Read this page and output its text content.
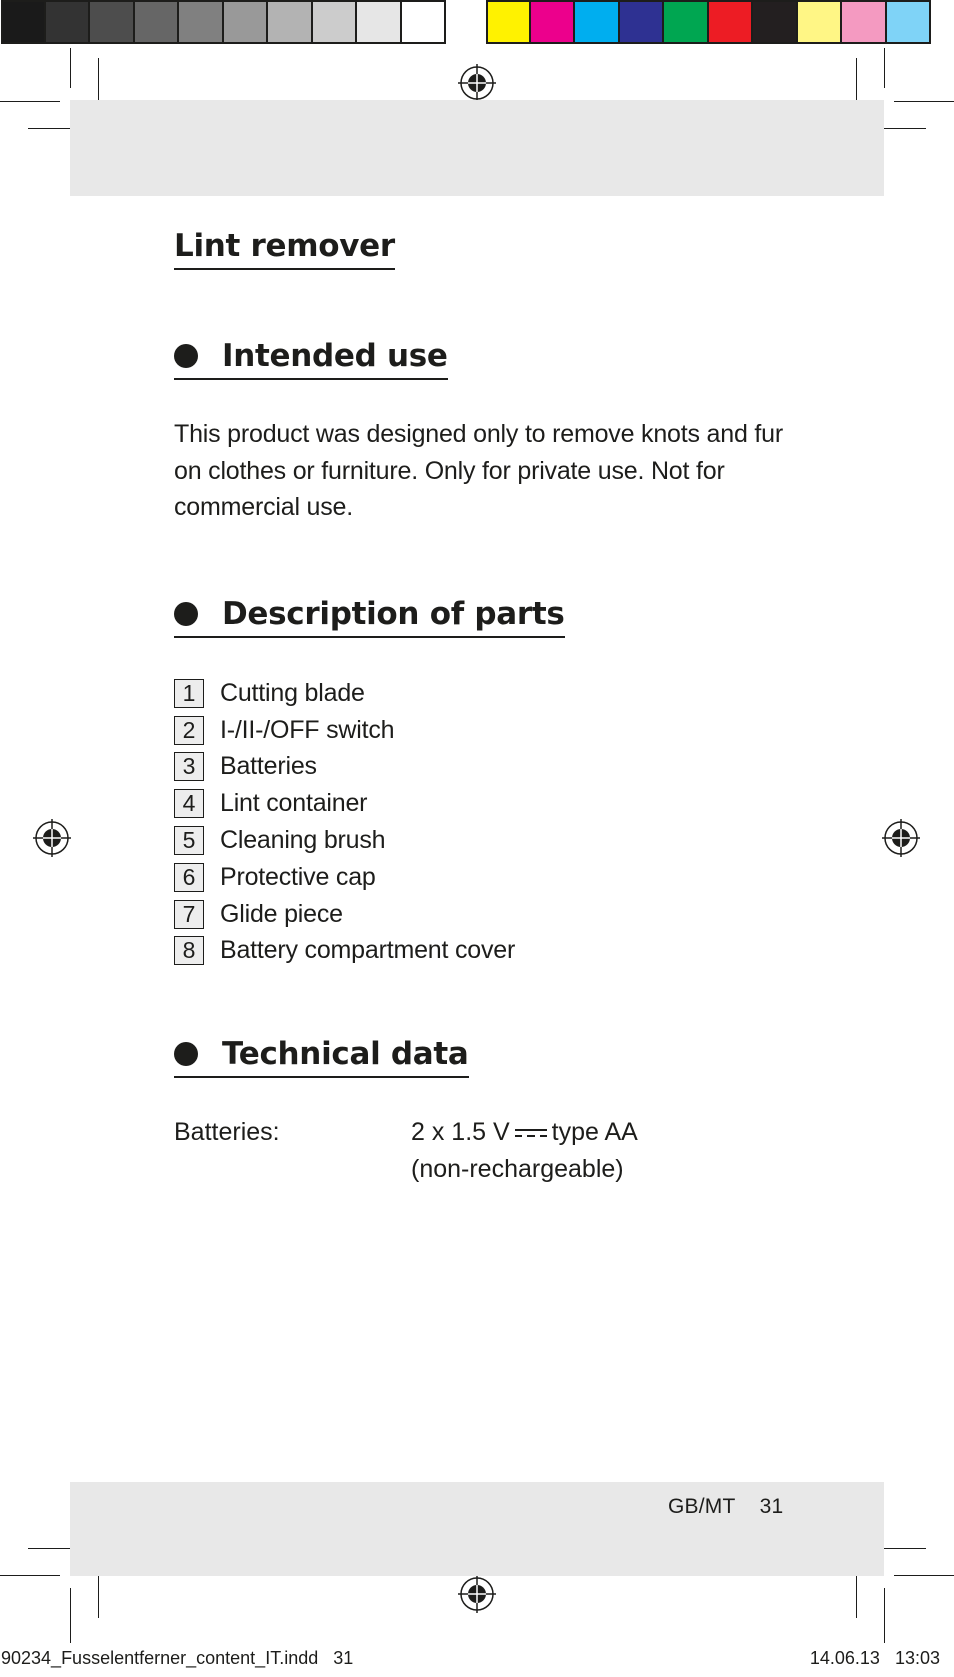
Lint remover
Intended use
This product was designed only to remove knots and fur on clothes or furniture. Only for private use. Not for commercial use.
Description of parts
1 Cutting blade
2 I-/II-/OFF switch
3 Batteries
4 Lint container
5 Cleaning brush
6 Protective cap
7 Glide piece
8 Battery compartment cover
Technical data
Batteries:	2 x 1.5 V type AA
(non-rechargeable)
GB/MT 31
90234_Fusselentferner_content_IT.indd   31	14.06.13   13:03
